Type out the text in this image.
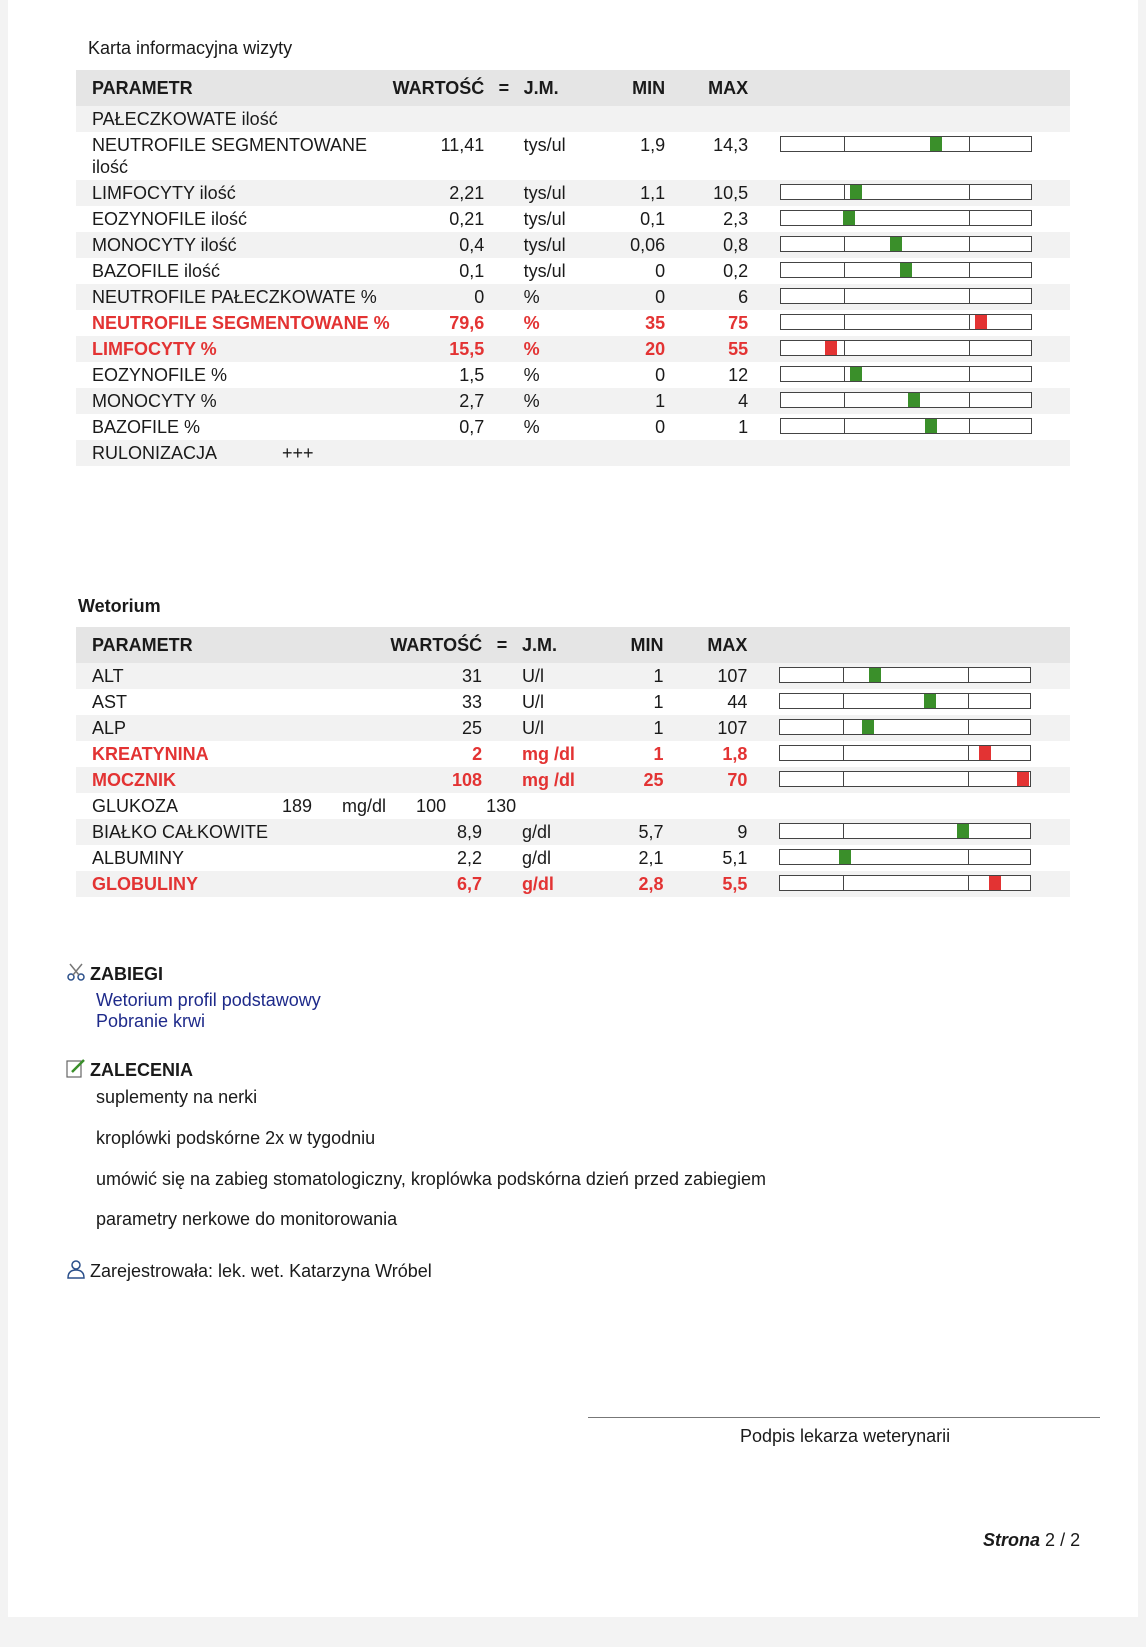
Karta informacyjna wizyty
PARAMETR	WARTOŚĆ	=	J.M.	MIN	MAX	
PAŁECZKOWATE ilość						
NEUTROFILE SEGMENTOWANE ilość	11,41		tys/ul	1,9	14,3	

LIMFOCYTY ilość	2,21		tys/ul	1,1	10,5	

EOZYNOFILE ilość	0,21		tys/ul	0,1	2,3	

MONOCYTY ilość	0,4		tys/ul	0,06	0,8	

BAZOFILE ilość	0,1		tys/ul	0	0,2	

NEUTROFILE PAŁECZKOWATE %	0		%	0	6	

NEUTROFILE SEGMENTOWANE %	79,6		%	35	75	

LIMFOCYTY %	15,5		%	20	55	

EOZYNOFILE %	1,5		%	0	12	

MONOCYTY %	2,7		%	1	4	

BAZOFILE %	0,7		%	0	1	

RULONIZACJA +++						
Wetorium
PARAMETR	WARTOŚĆ	=	J.M.	MIN	MAX	
ALT	31		U/l	1	107	

AST	33		U/l	1	44	

ALP	25		U/l	1	107	

KREATYNINA	2		mg /dl	1	1,8	

MOCZNIK	108		mg /dl	25	70	

GLUKOZA 189      mg/dl      100        130						
BIAŁKO CAŁKOWITE	8,9		g/dl	5,7	9	

ALBUMINY	2,2		g/dl	2,1	5,1	

GLOBULINY	6,7		g/dl	2,8	5,5	
ZABIEGI
Wetorium profil podstawowy
Pobranie krwi
ZALECENIA
suplementy na nerki
kroplówki podskórne 2x w tygodniu
umówić się na zabieg stomatologiczny, kroplówka podskórna dzień przed zabiegiem
parametry nerkowe do monitorowania
Zarejestrowała: lek. wet. Katarzyna Wróbel
Podpis lekarza weterynarii
Strona 2 / 2
